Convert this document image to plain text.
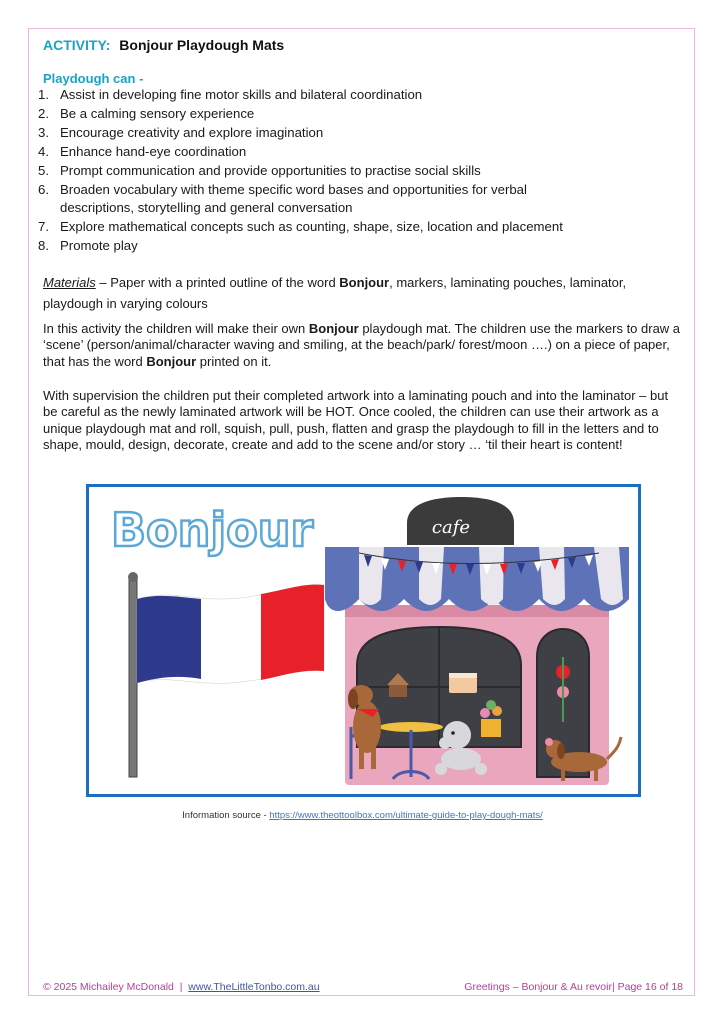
ACTIVITY: Bonjour Playdough Mats
Playdough can -
1. Assist in developing fine motor skills and bilateral coordination
2. Be a calming sensory experience
3. Encourage creativity and explore imagination
4. Enhance hand-eye coordination
5. Prompt communication and provide opportunities to practise social skills
6. Broaden vocabulary with theme specific word bases and opportunities for verbal descriptions, storytelling and general conversation
7. Explore mathematical concepts such as counting, shape, size, location and placement
8. Promote play
Materials – Paper with a printed outline of the word Bonjour, markers, laminating pouches, laminator, playdough in varying colours
In this activity the children will make their own Bonjour playdough mat. The children use the markers to draw a ‘scene’ (person/animal/character waving and smiling, at the beach/park/ forest/moon ….) on a piece of paper, that has the word Bonjour printed on it.
With supervision the children put their completed artwork into a laminating pouch and into the laminator – but be careful as the newly laminated artwork will be HOT. Once cooled, the children can use their artwork as a unique playdough mat and roll, squish, pull, push, flatten and grasp the playdough to fill in the letters and to shape, mould, design, decorate, create and add to the scene and/or story … ‘til their heart is content!
Bonjour	cafe
Information source - https://www.theottoolbox.com/ultimate-guide-to-play-dough-mats/
© 2025 Michailey McDonald  |  www.TheLittleTonbo.com.au	Greetings – Bonjour & Au revoir| Page 16 of 18
